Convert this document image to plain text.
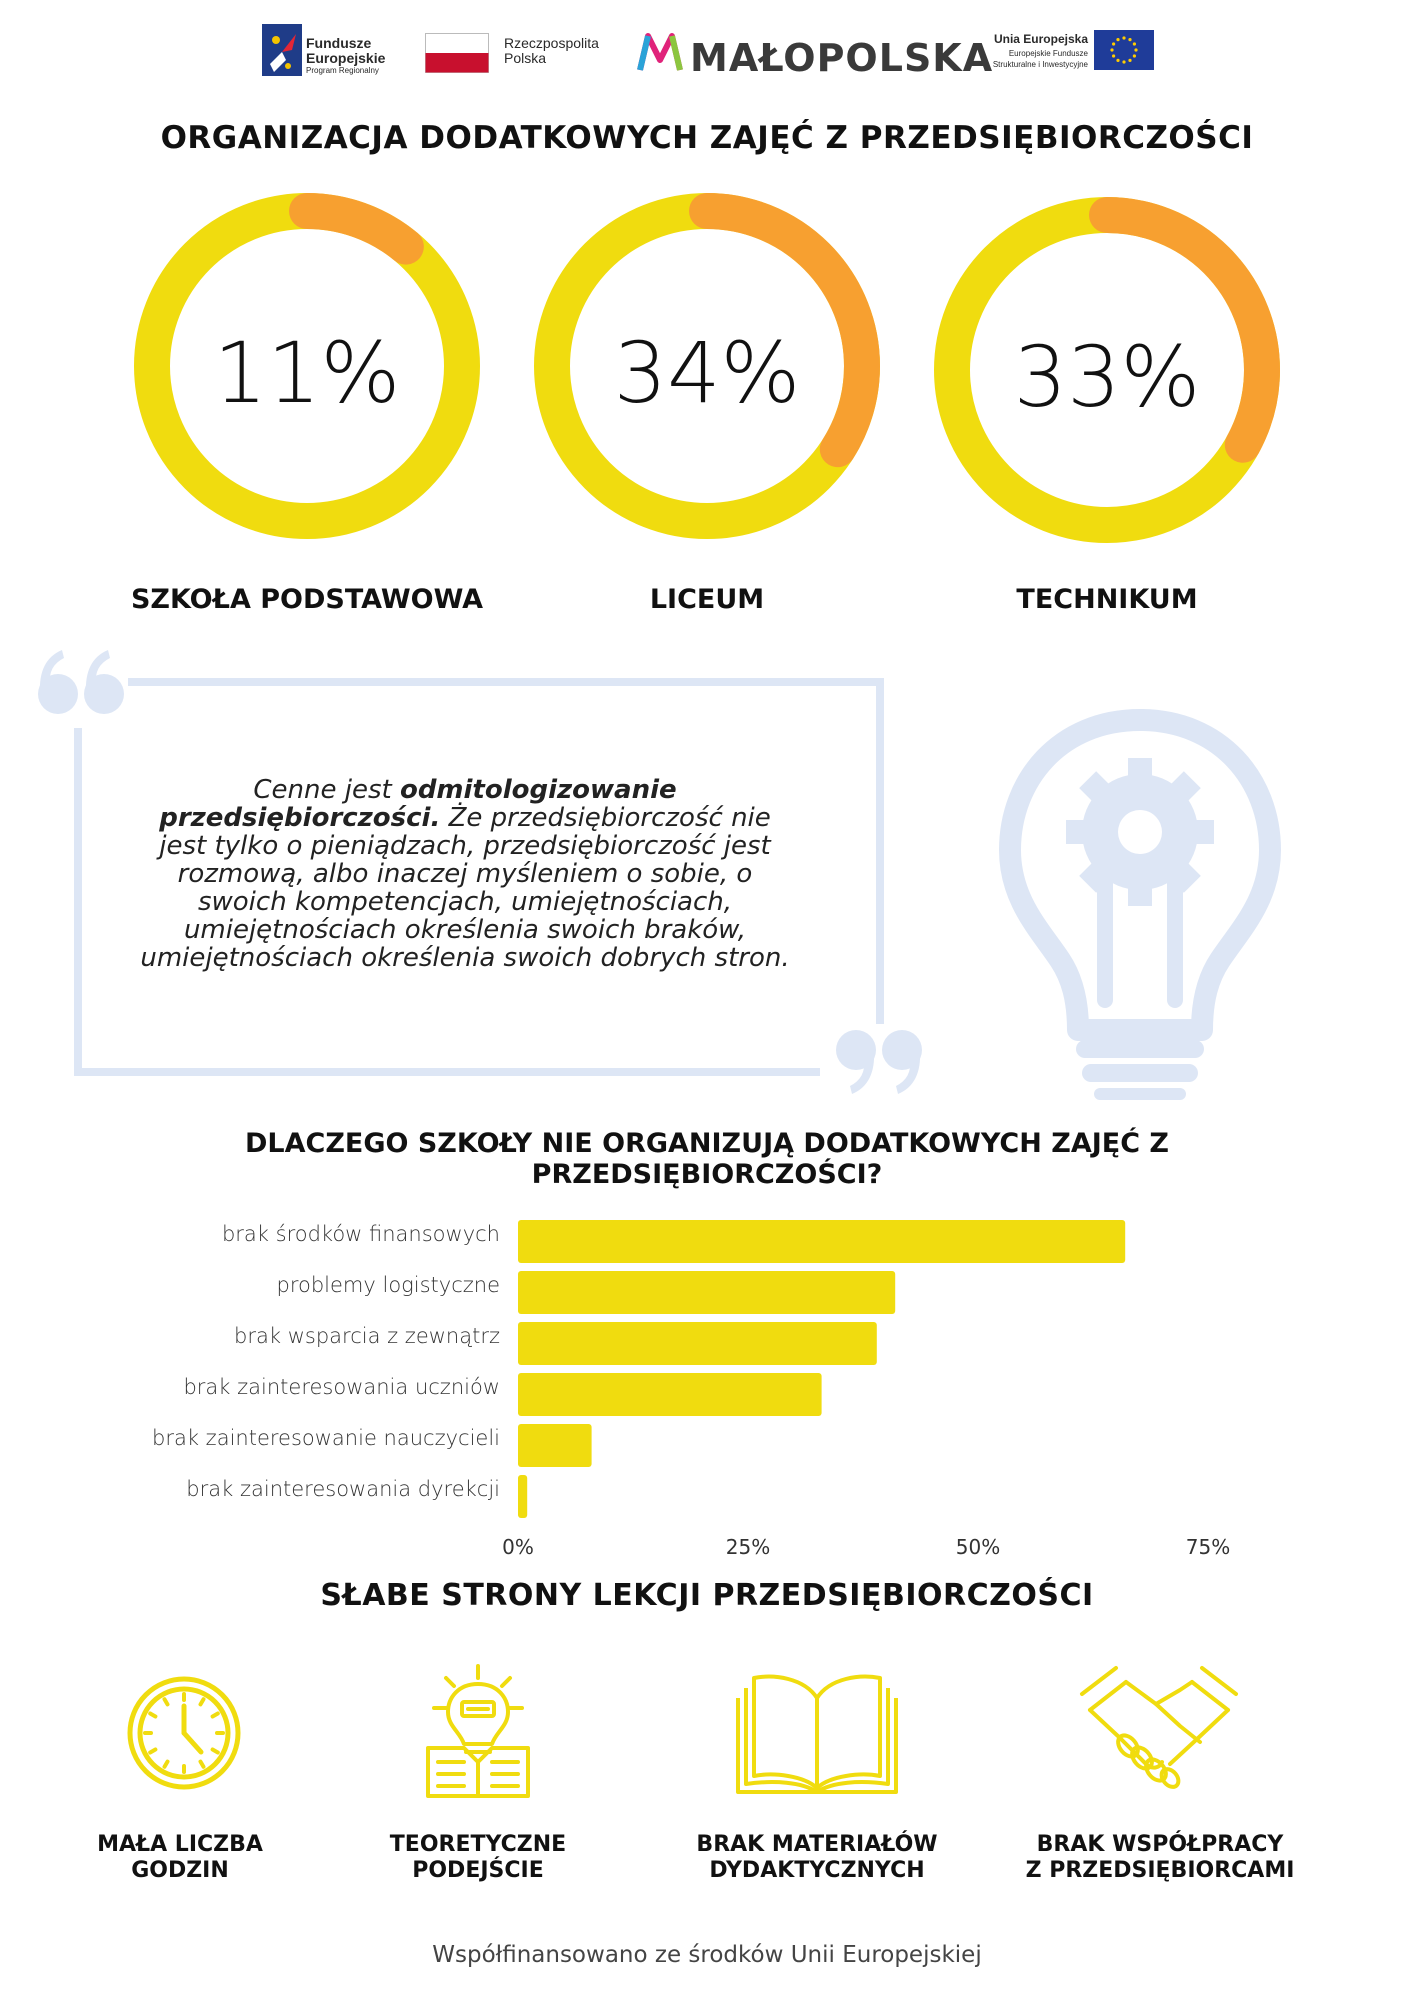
Fundusze
Europejskie
Program Regionalny
Rzeczpospolita
Polska	MAŁOPOLSKA Unia Europejska
Europejskie Fundusze
Strukturalne i Inwestycyjne
ORGANIZACJA DODATKOWYCH ZAJĘĆ Z PRZEDSIĘBIORCZOŚCI
11%	34%	33%
SZKOŁA PODSTAWOWA	LICEUM	TECHNIKUM
Cenne jest odmitologizowanie przedsiębiorczości. Że przedsiębiorczość nie jest tylko o pieniądzach, przedsiębiorczość jest rozmową, albo inaczej myśleniem o sobie, o swoich kompetencjach, umiejętnościach, umiejętnościach określenia swoich braków, umiejętnościach określenia swoich dobrych stron.
DLACZEGO SZKOŁY NIE ORGANIZUJĄ DODATKOWYCH ZAJĘĆ Z PRZEDSIĘBIORCZOŚCI?
brak środków finansowych
problemy logistyczne
brak wsparcia z zewnątrz
brak zainteresowania uczniów
brak zainteresowanie nauczycieli
brak zainteresowania dyrekcji
0%	25%	50%	75%
SŁABE STRONY LEKCJI PRZEDSIĘBIORCZOŚCI
MAŁA LICZBA
GODZIN
TEORETYCZNE
PODEJŚCIE
BRAK MATERIAŁÓW
DYDAKTYCZNYCH
BRAK WSPÓŁPRACY
Z PRZEDSIĘBIORCAMI
Współfinansowano ze środków Unii Europejskiej
